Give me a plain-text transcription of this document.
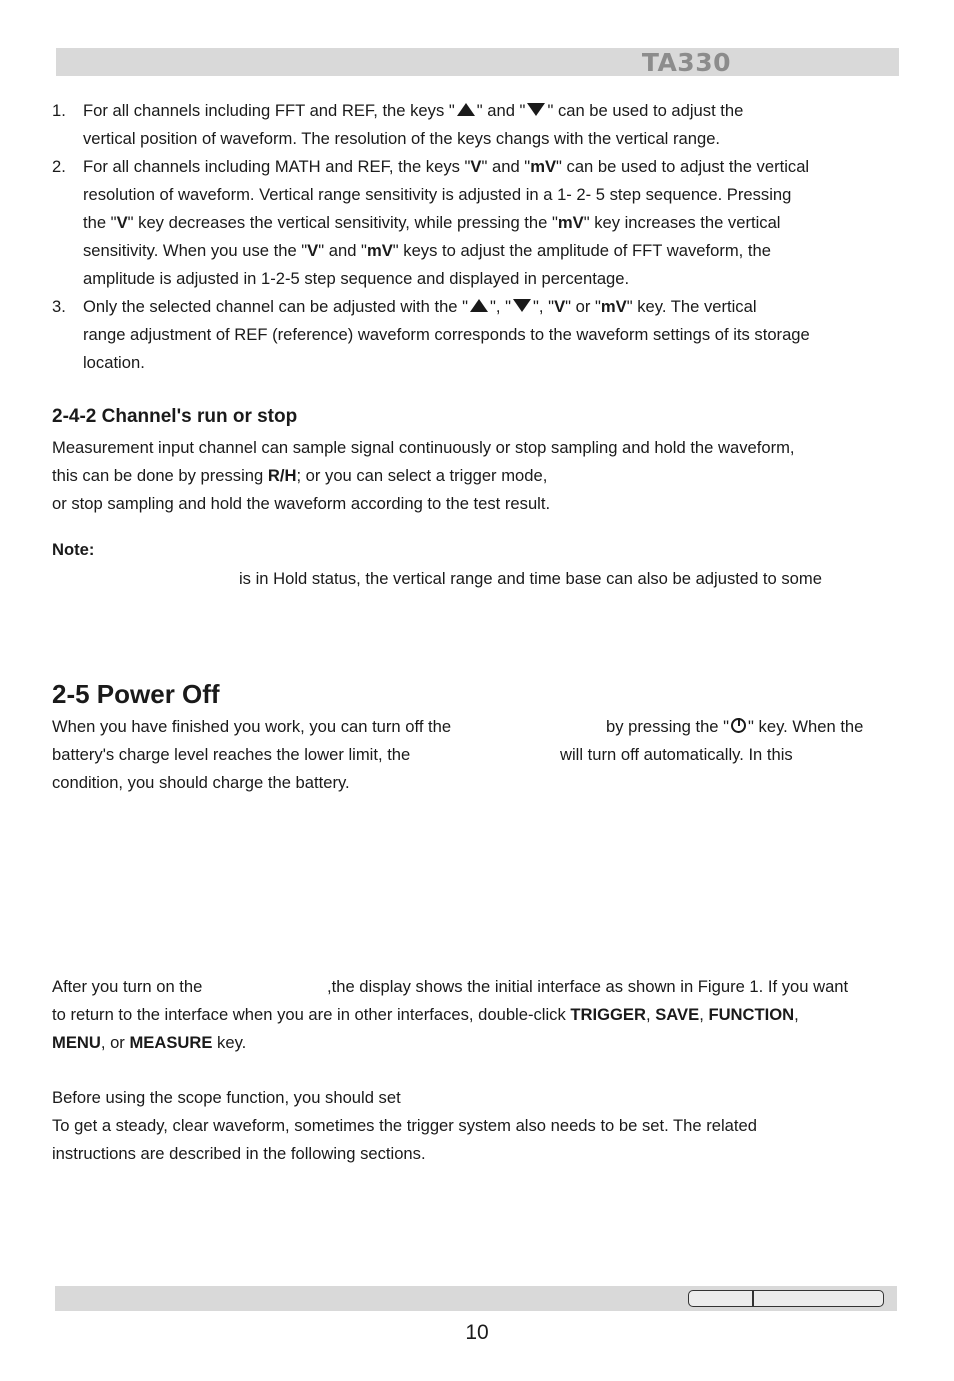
TA330
1. For all channels including FFT and REF, the keys " " and " " can be used to adjust the
vertical position of waveform. The resolution of the keys changs with the vertical range.
2. For all channels including MATH and REF, the keys "V" and "mV" can be used to adjust the vertical
resolution of waveform. Vertical range sensitivity is adjusted in a 1- 2- 5 step sequence. Pressing
the "V" key decreases the vertical sensitivity, while pressing the "mV" key increases the vertical
sensitivity. When you use the "V" and "mV" keys to adjust the amplitude of FFT waveform, the
amplitude is adjusted in 1-2-5 step sequence and displayed in percentage.
3. Only the selected channel can be adjusted with the " ", " ", "V" or "mV" key. The vertical
range adjustment of REF (reference) waveform corresponds to the waveform settings of its storage
location.
2-4-2 Channel's run or stop
Measurement input channel can sample signal continuously or stop sampling and hold the waveform,
this can be done by pressing R/H; or you can select a trigger mode,
or stop sampling and hold the waveform according to the test result.
Note:
is in Hold status, the vertical range and time base can also be adjusted to some
2-5 Power Off
When you have finished you work, you can turn off the	by pressing the " " key. When the
battery's charge level reaches the lower limit, the	will turn off automatically. In this
condition, you should charge the battery.
After you turn on the	,the display shows the initial interface as shown in Figure 1. If you want
to return to the interface when you are in other interfaces, double-click TRIGGER, SAVE, FUNCTION,
MENU, or MEASURE key.
Before using the scope function, you should set
To get a steady, clear waveform, sometimes the trigger system also needs to be set. The related
instructions are described in the following sections.
10
